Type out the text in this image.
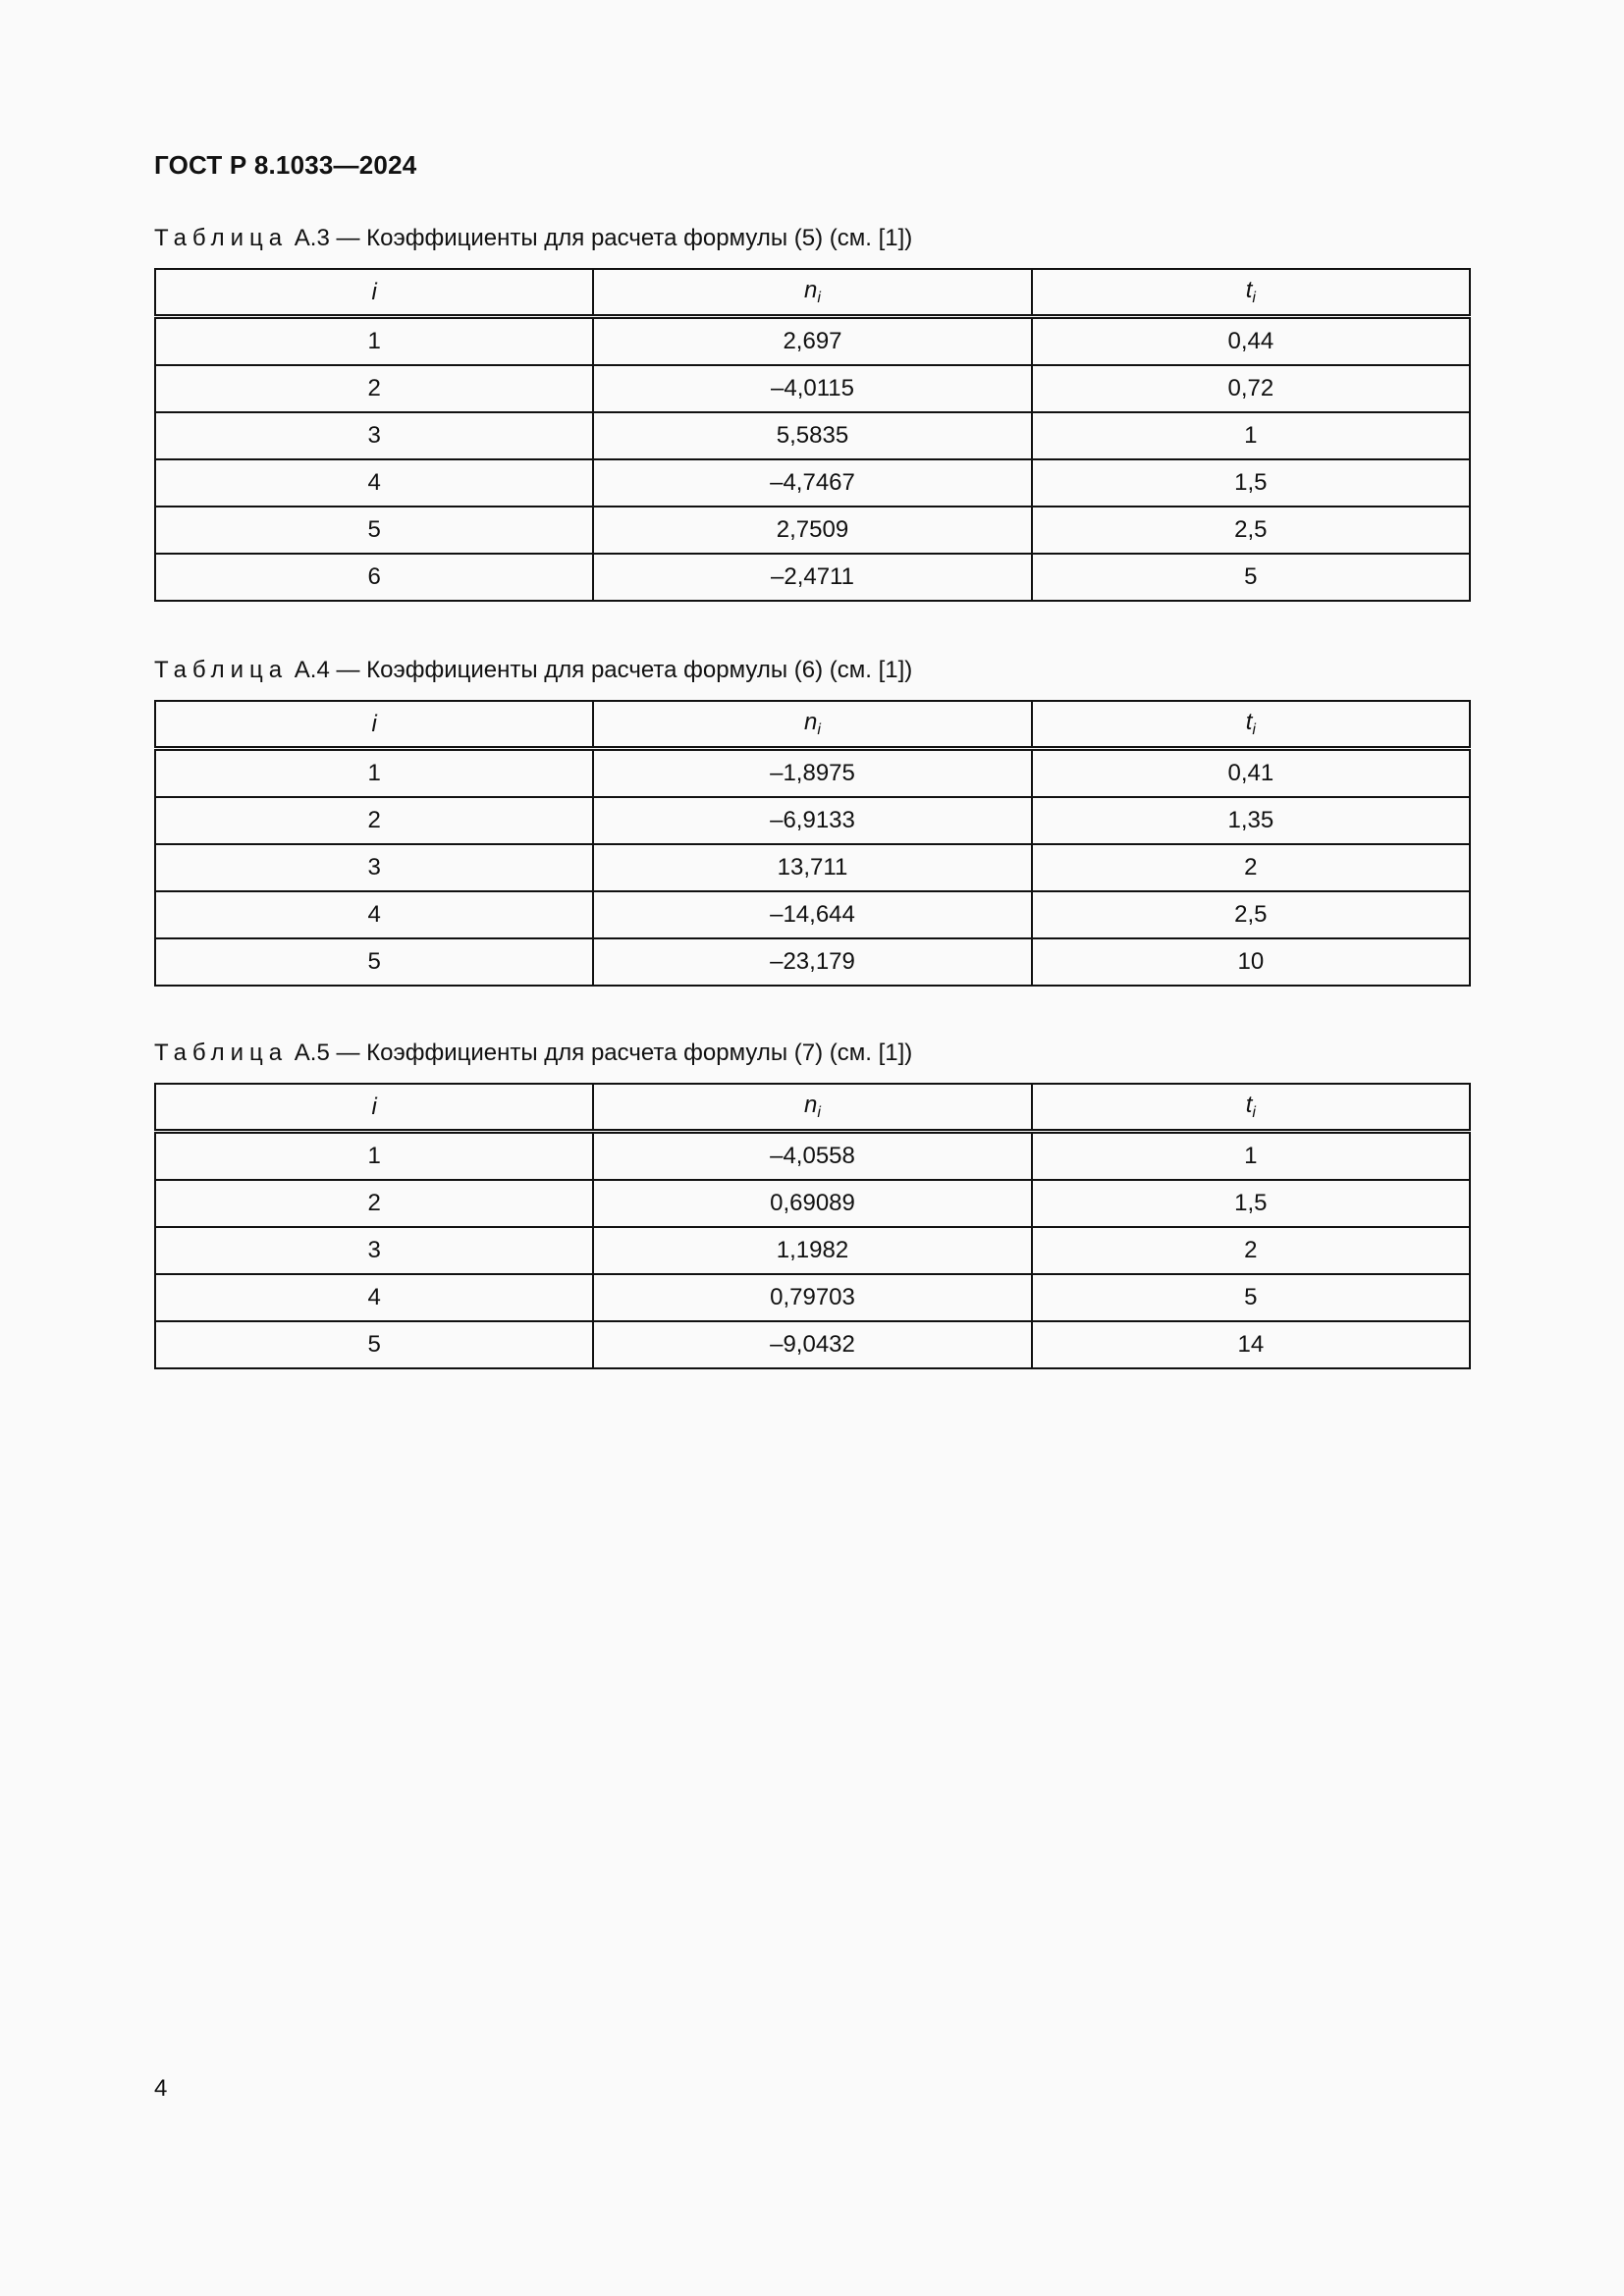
ГОСТ Р 8.1033—2024
Таблица А.3 — Коэффициенты для расчета формулы (5) (см. [1])
i	$n_i$	$t_i$
1	2,697	0,44
2	–4,0115	0,72
3	5,5835	1
4	–4,7467	1,5
5	2,7509	2,5
6	–2,4711	5
Таблица А.4 — Коэффициенты для расчета формулы (6) (см. [1])
i	$n_i$	$t_i$
1	–1,8975	0,41
2	–6,9133	1,35
3	13,711	2
4	–14,644	2,5
5	–23,179	10
Таблица А.5 — Коэффициенты для расчета формулы (7) (см. [1])
i	$n_i$	$t_i$
1	–4,0558	1
2	0,69089	1,5
3	1,1982	2
4	0,79703	5
5	–9,0432	14
4
